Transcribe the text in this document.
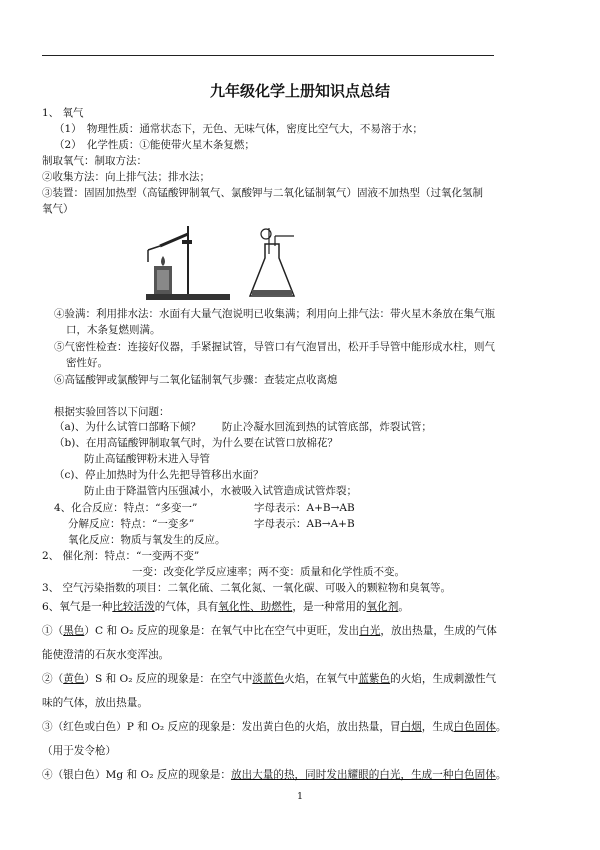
九年级化学上册知识点总结
1、 氧气
（1）　物理性质：通常状态下，无色、无味气体，密度比空气大，不易溶于水；
（2）　化学性质：①能使带火星木条复燃；
制取氧气：制取方法：
②收集方法：向上排气法；排水法；
③装置：固固加热型（高锰酸钾制氧气、氯酸钾与二氧化锰制氧气）固液不加热型（过氧化氢制
氧气）
④验满：利用排水法：水面有大量气泡说明已收集满；利用向上排气法：带火星木条放在集气瓶
口，木条复燃则满。
⑤气密性检查：连接好仪器，手紧握试管，导管口有气泡冒出，松开手导管中能形成水柱，则气
密性好。
⑥高锰酸钾或氯酸钾与二氧化锰制氧气步骤：查装定点收离熄
根据实验回答以下问题：
（a)、为什么试管口部略下倾？　　防止冷凝水回流到热的试管底部，炸裂试管；
（b)、在用高锰酸钾制取氧气时，为什么要在试管口放棉花？
防止高锰酸钾粉末进入导管
（c)、停止加热时为什么先把导管移出水面？
防止由于降温管内压强减小，水被吸入试管造成试管炸裂；
4、化合反应：特点：“多变一”	字母表示：A+B→AB
分解反应：特点：“一变多”	字母表示：AB→A+B
氧化反应：物质与氧发生的反应。
2、 催化剂：特点：“一变两不变”
一变：改变化学反应速率；两不变：质量和化学性质不变。
3、 空气污染指数的项目：二氧化硫、二氧化氮、一氧化碳、可吸入的颗粒物和臭氧等。
6、氧气是一种比较活泼的气体，具有氧化性、助燃性，是一种常用的氧化剂。
①（黑色）C 和 O₂ 反应的现象是：在氧气中比在空气中更旺，发出白光，放出热量，生成的气体
能使澄清的石灰水变浑浊。
②（黄色）S 和 O₂ 反应的现象是：在空气中淡蓝色火焰，在氧气中蓝紫色的火焰，生成刺激性气
味的气体，放出热量。
③（红色或白色）P 和 O₂ 反应的现象是：发出黄白色的火焰，放出热量，冒白烟，生成白色固体。
（用于发令枪）
④（银白色）Mg 和 O₂ 反应的现象是：放出大量的热，同时发出耀眼的白光，生成一种白色固体。
1
